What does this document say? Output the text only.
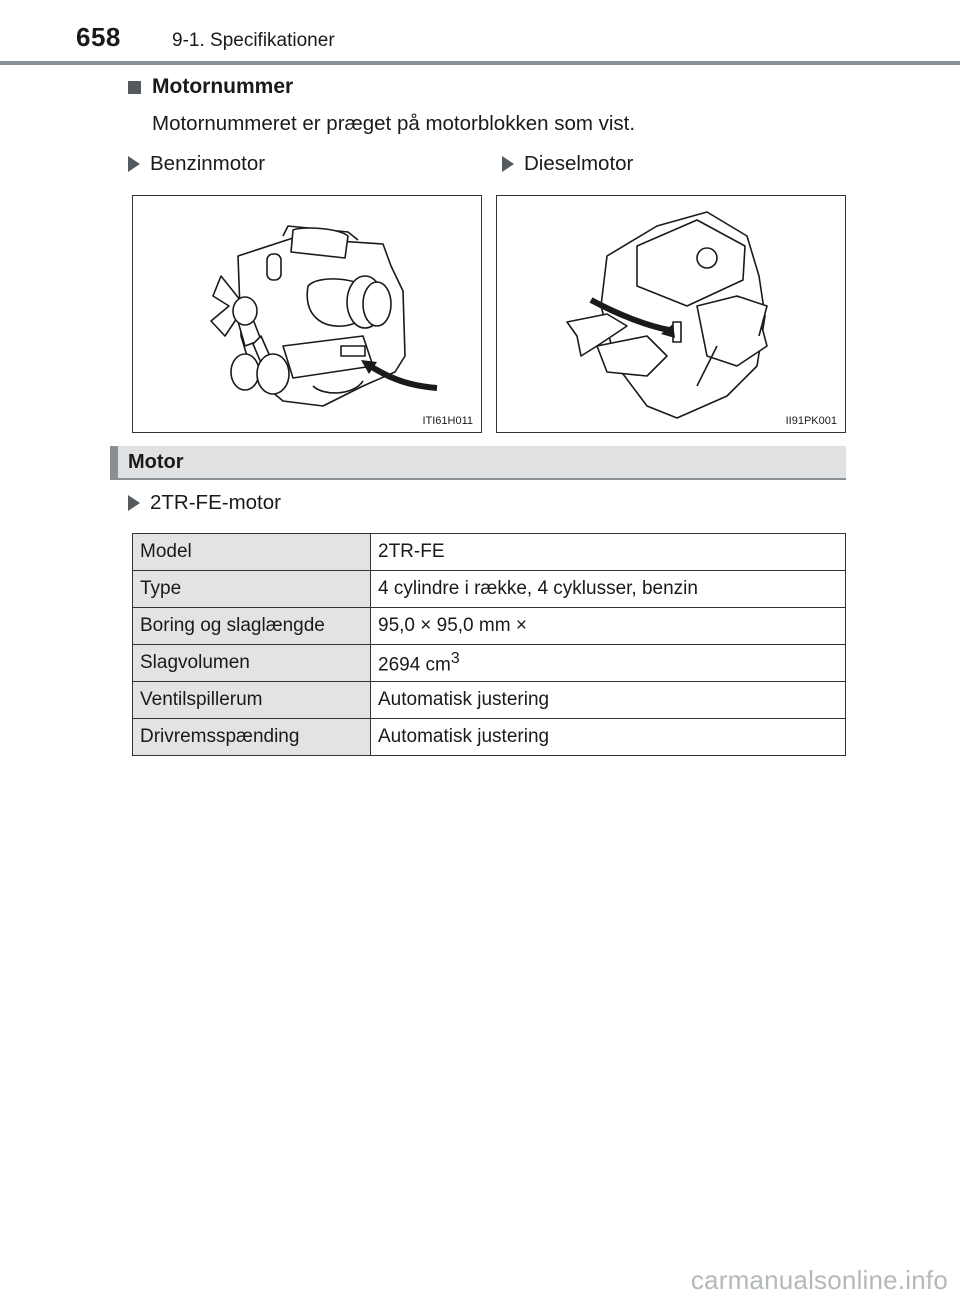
658	9-1. Specifikationer
Motornummer
Motornummeret er præget på motorblokken som vist.
Benzinmotor	Dieselmotor
ITI61H011	II91PK001
Motor
2TR-FE-motor
Model	2TR-FE
Type	4 cylindre i række, 4 cyklusser, benzin
Boring og slaglængde	95,0 × 95,0 mm ×
Slagvolumen	2694 $cm^3$
Ventilspillerum	Automatisk justering
Drivremsspænding	Automatisk justering
carmanualsonline.info
